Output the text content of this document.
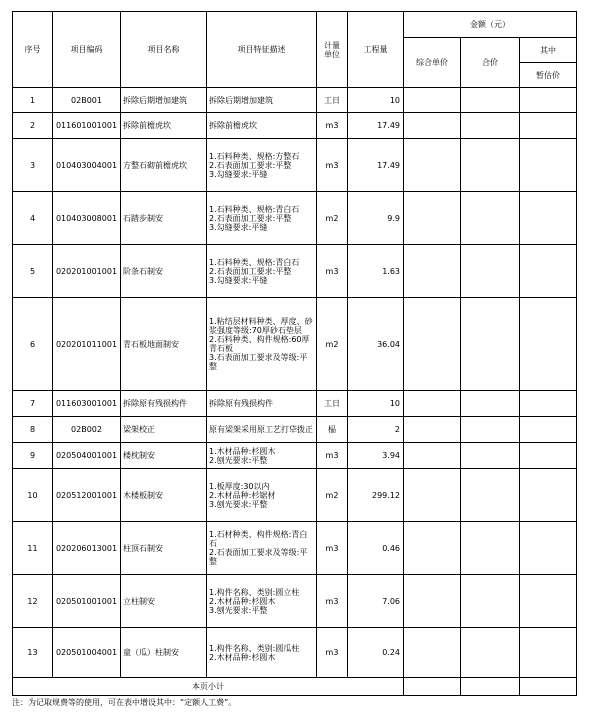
序号	项目编码	项目名称	项目特征描述	计量单位	工程量	金额（元）		
						综合单价	合价	其中
								暂估价
1	02B001	拆除后期增加建筑	拆除后期增加建筑	工日	10			
2	011601001001	拆除前檐虎坎	拆除前檐虎坎	m3	17.49			
3	010403004001	方整石砌前檐虎坎	1.石料种类、规格:方整石
2.石表面加工要求:平整
3.勾缝要求:平缝	m3	17.49			
4	010403008001	石踏步制安	1.石料种类、规格:青白石
2.石表面加工要求:平整
3.勾缝要求:平缝	m2	9.9			
5	020201001001	阶条石制安	1.石料种类、规格:青白石
2.石表面加工要求:平整
3.勾缝要求:平缝	m3	1.63			
6	020201011001	青石板地面制安	1.粘结层材料种类、厚度、砂浆强度等级:70厚砂石垫层
2.石料种类、构件规格:60厚青石板
3.石表面加工要求及等级:平整	m2	36.04			
7	011603001001	拆除原有残损构件	拆除原有残损构件	工日	10			
8	02B002	梁架校正	原有梁架采用原工艺打牮拨正	榀	2			
9	020504001001	楼枕制安	1.木材品种:杉圆木
2.刨光要求:平整	m3	3.94			
10	020512001001	木楼板制安	1.板厚度:30以内
2.木材品种:杉锯材
3.刨光要求:平整	m2	299.12			
11	020206013001	柱顶石制安	1.石材种类、构件规格:青白石
2.石表面加工要求及等级:平整	m3	0.46			
12	020501001001	立柱制安	1.构件名称、类别:圆立柱
2.木材品种:杉圆木
3.刨光要求:平整	m3	7.06			
13	020501004001	童（瓜）柱制安	1.构件名称、类别:圆瓜柱
2.木材品种:杉圆木	m3	0.24			
本页小计								
注：为记取规费等的使用，可在表中增设其中：“定额人工费”。
